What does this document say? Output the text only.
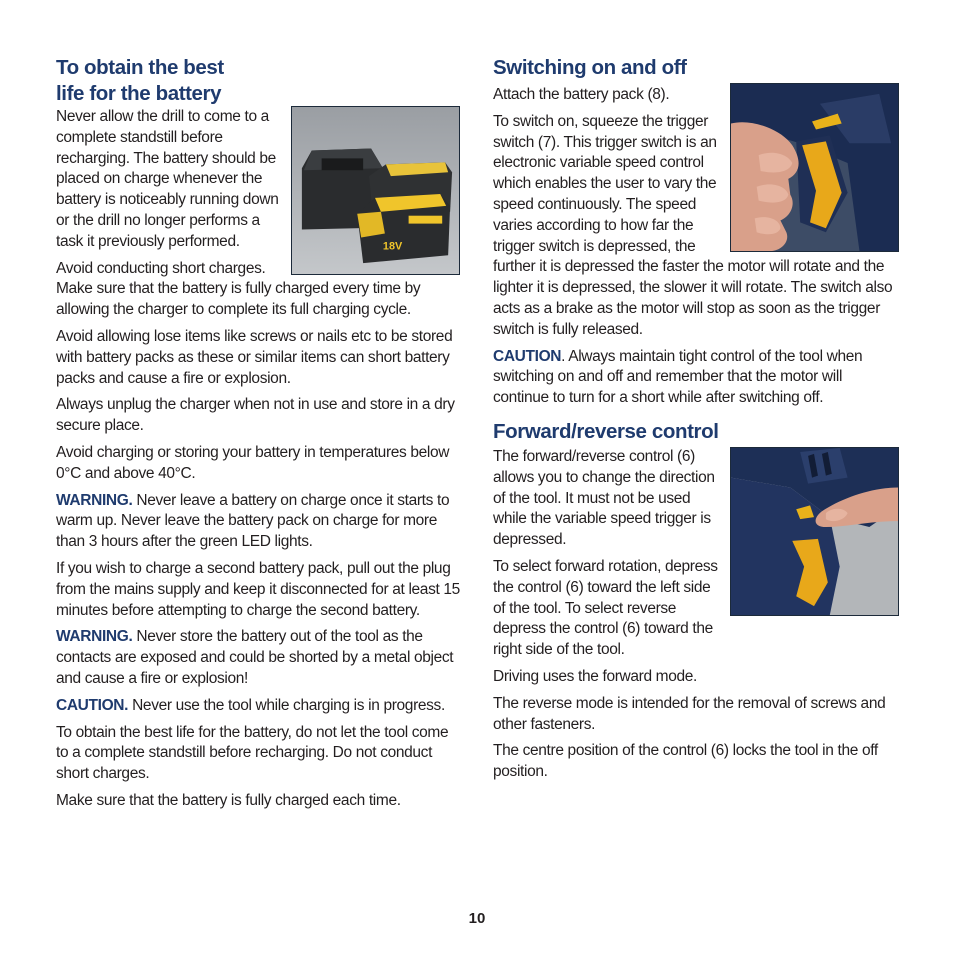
To obtain the best
life for the battery
18V

Never allow the drill to come to a complete standstill before recharging. The battery should be placed on charge whenever the battery is noticeably running down or the drill no longer performs a task it previously performed.

Avoid conducting short charges. Make sure that the battery is fully charged every time by allowing the charger to complete its full charging cycle.

Avoid allowing lose items like screws or nails etc to be stored with battery packs as these or similar items can short battery packs and cause a fire or explosion.

Always unplug the charger when not in use and store in a dry secure place.

Avoid charging or storing your battery in temperatures below 0°C and above 40°C.

WARNING. Never leave a battery on charge once it starts to warm up. Never leave the battery pack on charge for more than 3 hours after the green LED lights.

If you wish to charge a second battery pack, pull out the plug from the mains supply and keep it disconnected for at least 15 minutes before attempting to charge the second battery.

WARNING. Never store the battery out of the tool as the contacts are exposed and could be shorted by a metal object and cause a fire or explosion!

CAUTION. Never use the tool while charging is in progress.

To obtain the best life for the battery, do not let the tool come to a complete standstill before recharging. Do not conduct short charges.

Make sure that the battery is fully charged each time.

Switching on and off

Attach the battery pack (8).

To switch on, squeeze the trigger switch (7). This trigger switch is an electronic variable speed control which enables the user to vary the speed continuously. The speed varies according to how far the trigger switch is depressed, the further it is depressed the faster the motor will rotate and the lighter it is depressed, the slower it will rotate. The switch also acts as a brake as the motor will stop as soon as the trigger switch is fully released.

CAUTION. Always maintain tight control of the tool when switching on and off and remember that the motor will continue to turn for a short while after switching off.

Forward/reverse control

The forward/reverse control (6) allows you to change the direction of the tool. It must not be used while the variable speed trigger is depressed.

To select forward rotation, depress the control (6) toward the left side of the tool. To select reverse depress the control (6) toward the right side of the tool.

Driving uses the forward mode.

The reverse mode is intended for the removal of screws and other fasteners.

The centre position of the control (6) locks the tool in the off position.

10
